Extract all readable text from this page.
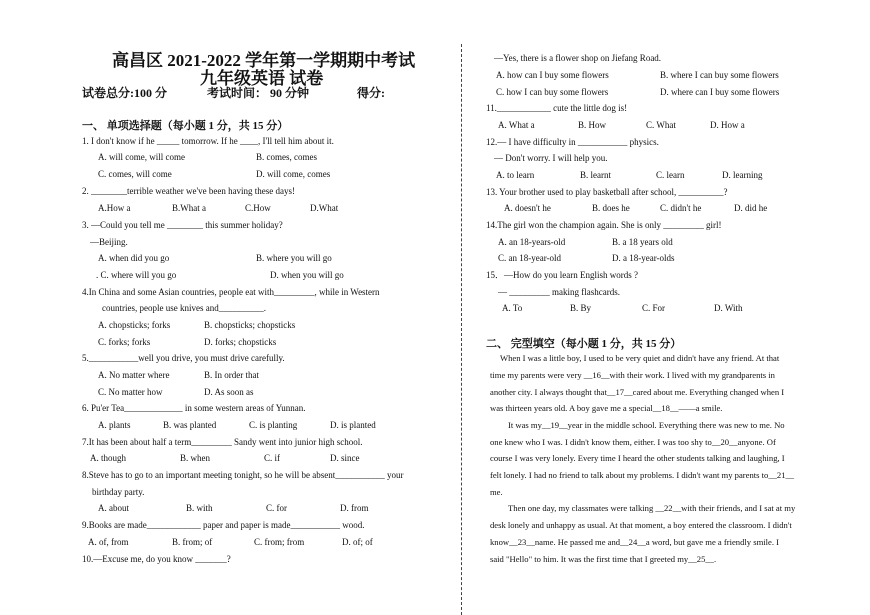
高昌区 2021-2022 学年第一学期期中考试
九年级英语 试卷
试卷总分:100 分	考试时间： 90 分钟	得分:
一、 单项选择题（每小题 1 分，共 15 分）
1. I don't know if he _____ tomorrow. If he ____, I'll tell him about it.
A. will come, will come	B. comes, comes
C. comes, will come	D. will come, comes
2. ________terrible weather we've been having these days!
A.How a	B.What a	C.How	D.What
3. —Could you tell me ________ this summer holiday?
—Beijing.
A. when did you go	B. where you will go
. C. where will you go	D. when you will go
4.In China and some Asian countries, people eat with_________, while in Western
countries, people use knives and__________.
A. chopsticks; forks	B. chopsticks; chopsticks
C. forks; forks	D. forks; chopsticks
5.___________well you drive, you must drive carefully.
A. No matter where	B. In order that
C. No matter how	D. As soon as
6. Pu'er Tea_____________ in some western areas of Yunnan.
A. plants	B. was planted	C. is planting	D. is planted
7.It has been about half a term_________ Sandy went into junior high school.
A. though	B. when	C. if	D. since
8.Steve has to go to an important meeting tonight, so he will be absent___________ your
birthday party.
A. about	B. with	C. for	D. from
9.Books are made____________ paper and paper is made___________ wood.
A. of, from	B. from; of	C. from; from	D. of; of
10.—Excuse me, do you know _______?
—Yes, there is a flower shop on Jiefang Road.
A. how can I buy some flowers	B. where I can buy some flowers
C. how I can buy some flowers	D. where can I buy some flowers
11.____________ cute the little dog is!
A. What a	B. How	C. What	D. How a
12.— I have difficulty in ___________ physics.
— Don't worry. I will help you.
A. to learn	B. learnt	C. learn	D. learning
13. Your brother used to play basketball after school, __________?
A. doesn't he	B. does he	C. didn't he	D. did he
14.The girl won the champion again. She is only _________ girl!
A. an 18-years-old	B. a 18 years old
C. an 18-year-old	D. a 18-year-olds
15．—How do you learn English words ?
— _________ making flashcards.
A. To	B. By	C. For	D. With
二、 完型填空（每小题 1 分，共 15 分）
When I was a little boy, I used to be very quiet and didn't have any friend. At that
time my parents were very __16__with their work. I lived with my grandparents in
another city. I always thought that__17__cared about me. Everything changed when I
was thirteen years old. A boy gave me a special__18__——a smile.
It was my__19__year in the middle school. Everything there was new to me. No
one knew who I was. I didn't know them, either. I was too shy to__20__anyone. Of
course I was very lonely. Every time I heard the other students talking and laughing, I
felt lonely. I had no friend to talk about my problems. I didn't want my parents to__21__
me.
Then one day, my classmates were talking __22__with their friends, and I sat at my
desk lonely and unhappy as usual. At that moment, a boy entered the classroom. I didn't
know__23__name. He passed me and__24__a word, but gave me a friendly smile. I
said "Hello" to him. It was the first time that I greeted my__25__.
